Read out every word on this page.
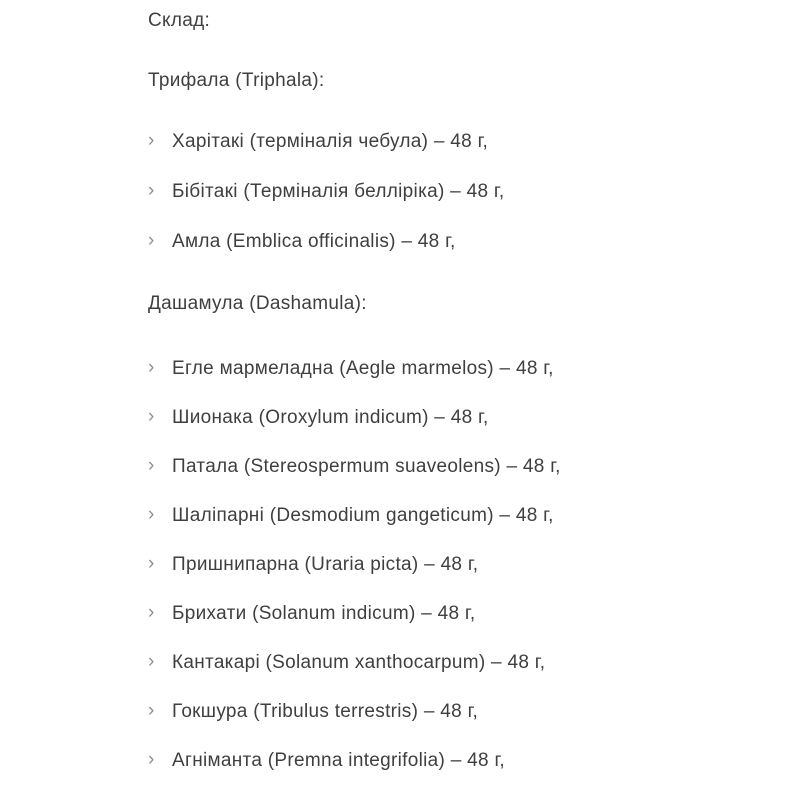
Склад:
Трифала (Triphala):
› Харітакі (терміналія чебула) – 48 г,
› Бібітакі (Терміналія белліріка) – 48 г,
› Амла (Emblica officinalis) – 48 г,
Дашамула (Dashamula):
› Егле мармеладна (Aegle marmelos) – 48 г,
› Шионака (Oroxylum indicum) – 48 г,
› Патала (Stereospermum suaveolens) – 48 г,
› Шаліпарні (Desmodium gangeticum) – 48 г,
› Пришнипарна (Uraria picta) – 48 г,
› Брихати (Solanum indicum) – 48 г,
› Кантакарі (Solanum xanthocarpum) – 48 г,
› Гокшура (Tribulus terrestris) – 48 г,
› Агніманта (Premna integrifolia) – 48 г,
